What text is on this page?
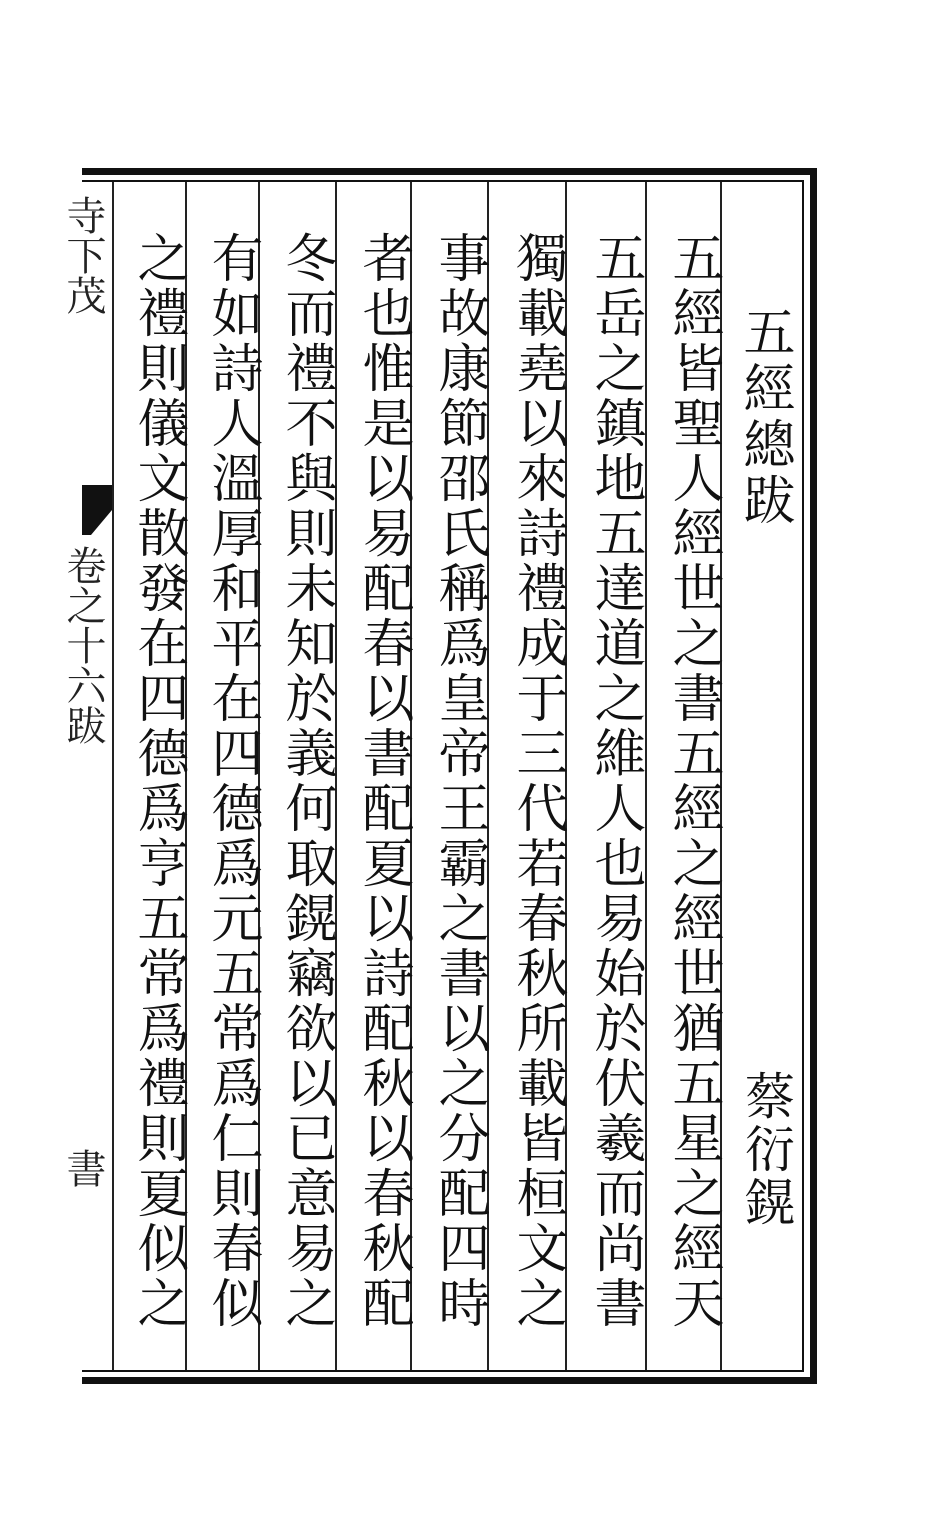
寺下茂
卷之十六跋
書
五經總跋
蔡衍鎤
五經皆聖人經世之書五經之經世猶五星之經天
五岳之鎮地五達道之維人也易始於伏羲而尚書
獨載堯以來詩禮成于三代若春秋所載皆桓文之
事故康節邵氏稱爲皇帝王霸之書以之分配四時
者也惟是以易配春以書配夏以詩配秋以春秋配
冬而禮不與則未知於義何取鎤竊欲以已意易之
有如詩人溫厚和平在四德爲元五常爲仁則春似
之禮則儀文散發在四德爲亨五常爲禮則夏似之
